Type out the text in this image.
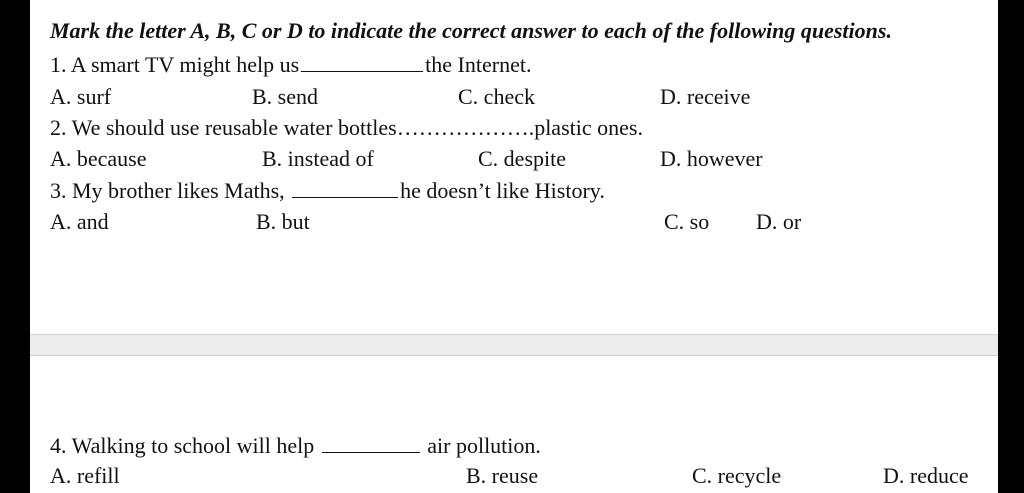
Mark the letter A, B, C or D to indicate the correct answer to each of the following questions.
1. A smart TV might help us	the Internet.
A. surf	B. send	C. check	D. receive
2. We should use reusable water bottles……………….plastic ones.
A. because	B. instead of	C. despite	D. however
3. My brother likes Maths,	he doesn’t like History.
A. and	B. but	C. so D. or
4. Walking to school will help	air pollution.
A. refill	B. reuse	C. recycle	D. reduce
